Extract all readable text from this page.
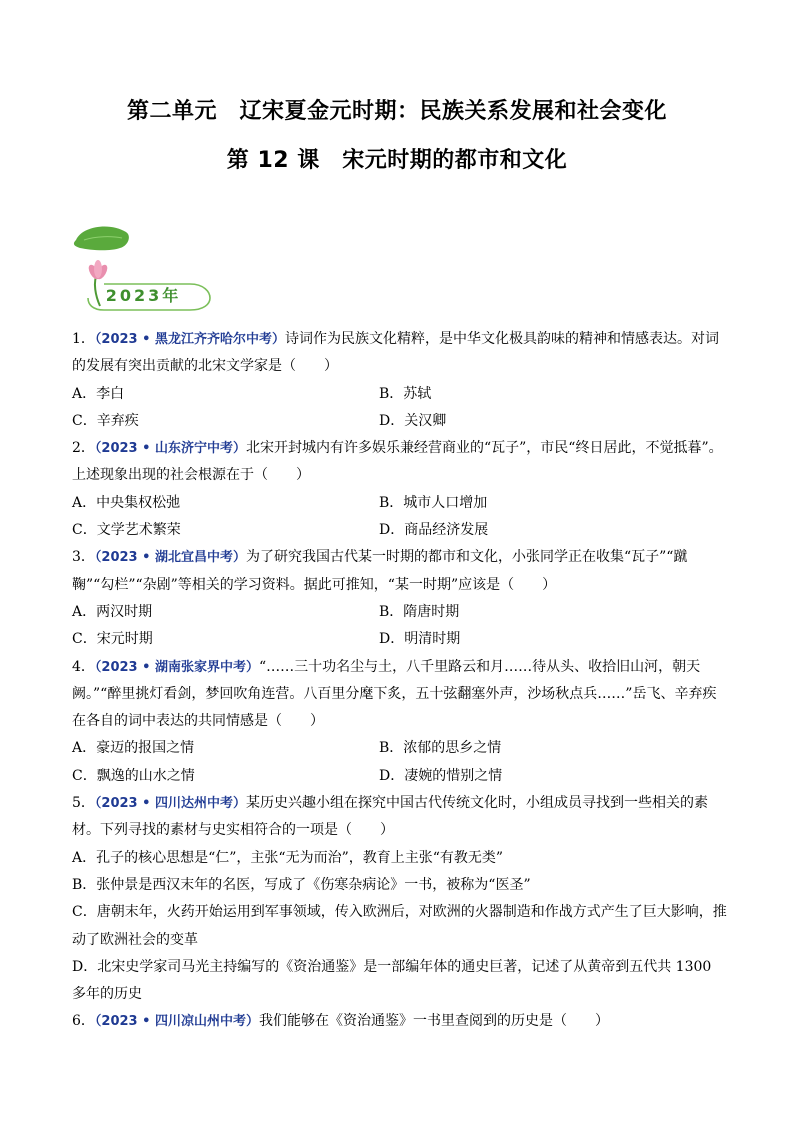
第二单元　辽宋夏金元时期：民族关系发展和社会变化
第 12 课　宋元时期的都市和文化
2023年

1．（2023 • 黑龙江齐齐哈尔中考）诗词作为民族文化精粹，是中华文化极具韵味的精神和情感表达。对词的发展有突出贡献的北宋文学家是（　　）

A．李白	B．苏轼
C．辛弃疾	D．关汉卿

2．（2023 • 山东济宁中考）北宋开封城内有许多娱乐兼经营商业的“瓦子”，市民“终日居此，不觉抵暮”。上述现象出现的社会根源在于（　　）

A．中央集权松弛	B．城市人口增加
C．文学艺术繁荣	D．商品经济发展

3．（2023 • 湖北宜昌中考）为了研究我国古代某一时期的都市和文化，小张同学正在收集“瓦子”“蹴鞠”“勾栏”“杂剧”等相关的学习资料。据此可推知，“某一时期”应该是（　　）

A．两汉时期	B．隋唐时期
C．宋元时期	D．明清时期

4．（2023 • 湖南张家界中考）“……三十功名尘与土，八千里路云和月……待从头、收拾旧山河，朝天阙。”“醉里挑灯看剑，梦回吹角连营。八百里分麾下炙，五十弦翻塞外声，沙场秋点兵……”岳飞、辛弃疾在各自的词中表达的共同情感是（　　）

A．豪迈的报国之情	B．浓郁的思乡之情
C．飘逸的山水之情	D．凄婉的惜别之情

5．（2023 • 四川达州中考）某历史兴趣小组在探究中国古代传统文化时，小组成员寻找到一些相关的素材。下列寻找的素材与史实相符合的一项是（　　）

A．孔子的核心思想是“仁”，主张“无为而治”，教育上主张“有教无类”
B．张仲景是西汉末年的名医，写成了《伤寒杂病论》一书，被称为“医圣”
C．唐朝末年，火药开始运用到军事领域，传入欧洲后，对欧洲的火器制造和作战方式产生了巨大影响，推动了欧洲社会的变革
D．北宋史学家司马光主持编写的《资治通鉴》是一部编年体的通史巨著，记述了从黄帝到五代共 1300 多年的历史

6．（2023 • 四川凉山州中考）我们能够在《资治通鉴》一书里查阅到的历史是（　　）
